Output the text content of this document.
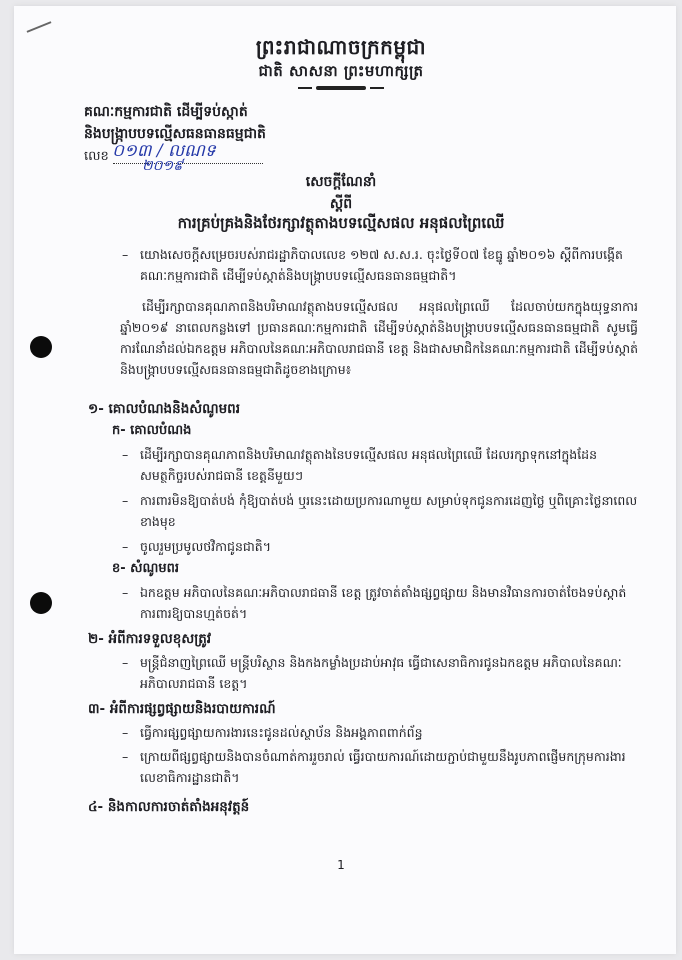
ព្រះរាជាណាចក្រកម្ពុជា
ជាតិ សាសនា ព្រះមហាក្សត្រ
គណៈកម្មការជាតិ ដើម្បីទប់ស្កាត់
និងបង្ក្រាបបទល្មើសធនធានធម្មជាតិ
លេខ ០១៣ / លណទ
២០១៩
សេចក្ដីណែនាំ
ស្ដីពី
ការគ្រប់គ្រងនិងថែរក្សាវត្ថុតាងបទល្មើសផល អនុផលព្រៃឈើ
– យោងសេចក្ដីសម្រេចរបស់រាជរដ្ឋាភិបាលលេខ ១២៧ ស.ស.រ. ចុះថ្ងៃទី០៧ ខែធ្នូ ឆ្នាំ២០១៦ ស្ដីពីការបង្កើតគណៈកម្មការជាតិ ដើម្បីទប់ស្កាត់និងបង្ក្រាបបទល្មើសធនធានធម្មជាតិ។
ដើម្បីរក្សាបានគុណភាពនិងបរិមាណវត្ថុតាងបទល្មើសផល អនុផលព្រៃឈើ ដែលចាប់យកក្នុងយុទ្ធនាការ ឆ្នាំ២០១៩ នាពេលកន្លងទៅ ប្រធានគណៈកម្មការជាតិ ដើម្បីទប់ស្កាត់និងបង្ក្រាបបទល្មើសធនធានធម្មជាតិ សូមធ្វើការណែនាំដល់ឯកឧត្ដម អភិបាលនៃគណៈអភិបាលរាជធានី ខេត្ត និងជាសមាជិកនៃគណៈកម្មការជាតិ ដើម្បីទប់ស្កាត់និងបង្ក្រាបបទល្មើសធនធានធម្មជាតិដូចខាងក្រោម៖
១- គោលបំណងនិងសំណូមពរ
ក- គោលបំណង
– ដើម្បីរក្សាបានគុណភាពនិងបរិមាណវត្ថុតាងនៃបទល្មើសផល អនុផលព្រៃឈើ ដែលរក្សាទុកនៅក្នុងដែនសមត្ថកិច្ចរបស់រាជធានី ខេត្តនីមួយៗ
– ការពារមិនឱ្យបាត់បង់ កុំឱ្យបាត់បង់ ឬរនេះដោយប្រការណាមួយ សម្រាប់ទុកជូនការដេញថ្លៃ ឬពិគ្រោះថ្លៃនាពេលខាងមុខ
– ចូលរួមប្រមូលថវិកាជូនជាតិ។
ខ- សំណូមពរ
– ឯកឧត្ដម អភិបាលនៃគណៈអភិបាលរាជធានី ខេត្ត ត្រូវចាត់តាំងផ្សព្វផ្សាយ និងមានវិធានការចាត់ចែងទប់ស្កាត់ ការពារឱ្យបានហ្មត់ចត់។
២- អំពីការទទួលខុសត្រូវ
– មន្ត្រីជំនាញព្រៃឈើ មន្ត្រីបរិស្ថាន និងកងកម្លាំងប្រដាប់អាវុធ ធ្វើជាសេនាធិការជូនឯកឧត្ដម អភិបាលនៃគណៈអភិបាលរាជធានី ខេត្ត។
៣- អំពីការផ្សព្វផ្សាយនិងរបាយការណ៍
– ធ្វើការផ្សព្វផ្សាយការងារនេះជូនដល់ស្ថាប័ន និងអង្គភាពពាក់ព័ន្ធ
– ក្រោយពីផ្សព្វផ្សាយនិងបានចំណាត់ការរួចរាល់ ធ្វើរបាយការណ៍ដោយភ្ជាប់ជាមួយនឹងរូបភាពផ្ញើមកក្រុមការងារលេខាធិការដ្ឋានជាតិ។
៤- និងកាលការចាត់តាំងអនុវត្តន៍
1
